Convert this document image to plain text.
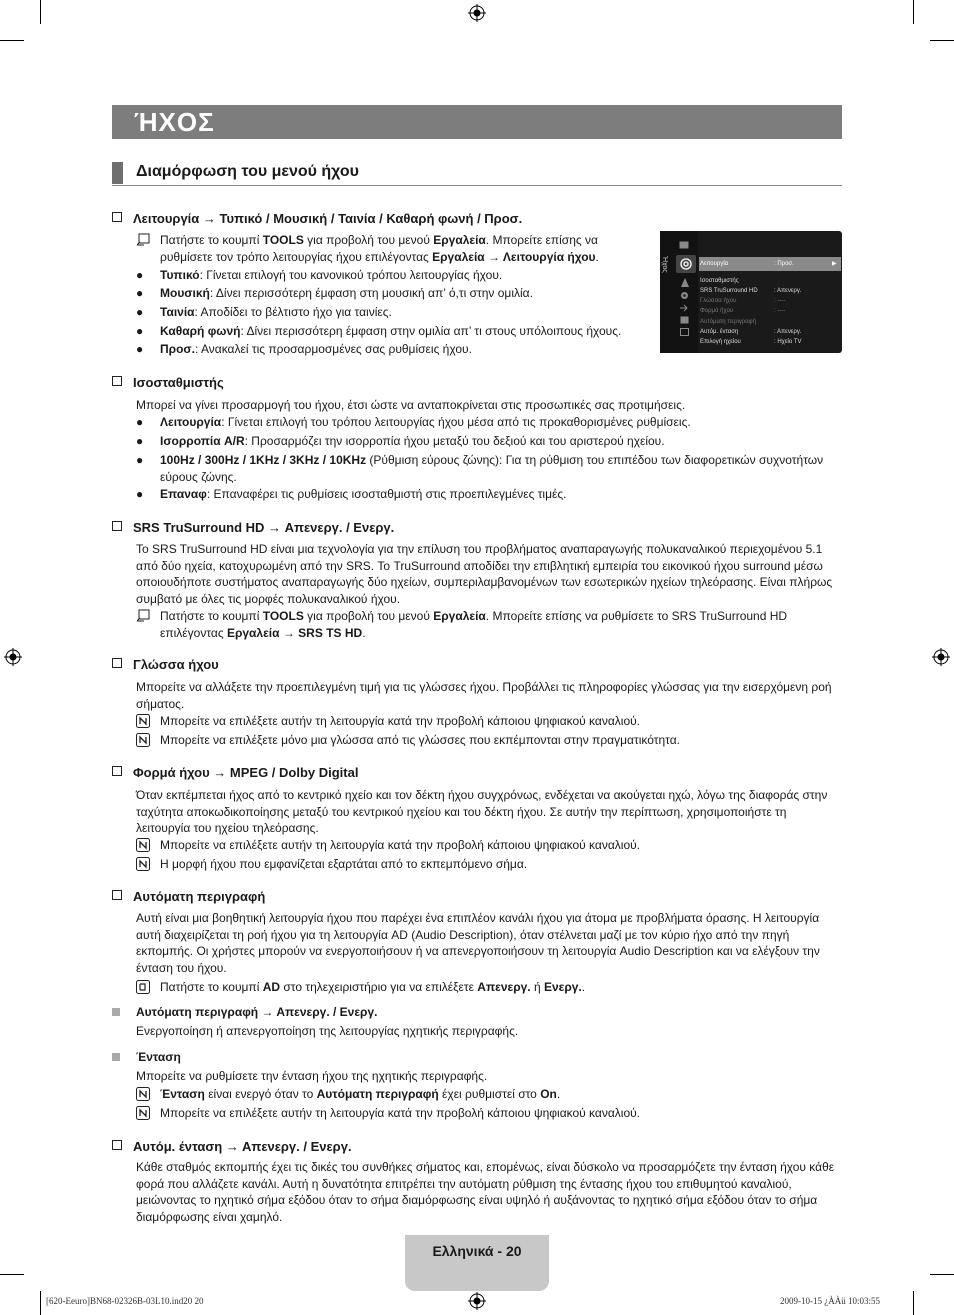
ΉΧΟΣ
Διαμόρφωση του μενού ήχου
Λειτουργία → Τυπικό / Μουσική / Ταινία / Καθαρή φωνή / Προσ.
Πατήστε το κουμπί TOOLS για προβολή του μενού Εργαλεία. Μπορείτε επίσης να ρυθμίσετε τον τρόπο λειτουργίας ήχου επιλέγοντας Εργαλεία → Λειτουργία ήχου.
● Τυπικό: Γίνεται επιλογή του κανονικού τρόπου λειτουργίας ήχου.
● Μουσική: Δίνει περισσότερη έμφαση στη μουσική απ’ ό,τι στην ομιλία.
● Ταινία: Αποδίδει το βέλτιστο ήχο για ταινίες.
● Καθαρή φωνή: Δίνει περισσότερη έμφαση στην ομιλία απ’ τι στους υπόλοιπους ήχους.
● Προσ.: Ανακαλεί τις προσαρμοσμένες σας ρυθμίσεις ήχου.
Ήχος	Λειτουργία	: Προσ.	▶
Ισοσταθμιστής
SRS TruSurround HD	: Απενεργ.
Γλώσσα ήχου	: ----
Φορμά ήχου	: ----
Αυτόματη περιγραφή
Αυτόμ. ένταση	: Απενεργ.
Επιλογή ηχείου	: Ηχείο TV
Ισοσταθμιστής
Μπορεί να γίνει προσαρμογή του ήχου, έτσι ώστε να ανταποκρίνεται στις προσωπικές σας προτιμήσεις.
● Λειτουργία: Γίνεται επιλογή του τρόπου λειτουργίας ήχου μέσα από τις προκαθορισμένες ρυθμίσεις.
● Ισορροπία A/R: Προσαρμόζει την ισορροπία ήχου μεταξύ του δεξιού και του αριστερού ηχείου.
● 100Hz / 300Hz / 1KHz / 3KHz / 10KHz (Ρύθμιση εύρους ζώνης): Για τη ρύθμιση του επιπέδου των διαφορετικών συχνοτήτων εύρους ζώνης.
● Επαναφ: Επαναφέρει τις ρυθμίσεις ισοσταθμιστή στις προεπιλεγμένες τιμές.
SRS TruSurround HD → Απενεργ. / Ενεργ.
Το SRS TruSurround HD είναι μια τεχνολογία για την επίλυση του προβλήματος αναπαραγωγής πολυκαναλικού περιεχομένου 5.1 από δύο ηχεία, κατοχυρωμένη από την SRS. Το TruSurround αποδίδει την επιβλητική εμπειρία του εικονικού ήχου surround μέσω οποιουδήποτε συστήματος αναπαραγωγής δύο ηχείων, συμπεριλαμβανομένων των εσωτερικών ηχείων τηλεόρασης. Είναι πλήρως συμβατό με όλες τις μορφές πολυκαναλικού ήχου.
Πατήστε το κουμπί TOOLS για προβολή του μενού Εργαλεία. Μπορείτε επίσης να ρυθμίσετε το SRS TruSurround HD επιλέγοντας Εργαλεία → SRS TS HD.
Γλώσσα ήχου
Μπορείτε να αλλάξετε την προεπιλεγμένη τιμή για τις γλώσσες ήχου. Προβάλλει τις πληροφορίες γλώσσας για την εισερχόμενη ροή σήματος.
Μπορείτε να επιλέξετε αυτήν τη λειτουργία κατά την προβολή κάποιου ψηφιακού καναλιού.
Μπορείτε να επιλέξετε μόνο μια γλώσσα από τις γλώσσες που εκπέμπονται στην πραγματικότητα.
Φορμά ήχου → MPEG / Dolby Digital
Όταν εκπέμπεται ήχος από το κεντρικό ηχείο και τον δέκτη ήχου συγχρόνως, ενδέχεται να ακούγεται ηχώ, λόγω της διαφοράς στην ταχύτητα αποκωδικοποίησης μεταξύ του κεντρικού ηχείου και του δέκτη ήχου. Σε αυτήν την περίπτωση, χρησιμοποιήστε τη λειτουργία του ηχείου τηλεόρασης.
Μπορείτε να επιλέξετε αυτήν τη λειτουργία κατά την προβολή κάποιου ψηφιακού καναλιού.
Η μορφή ήχου που εμφανίζεται εξαρτάται από το εκπεμπόμενο σήμα.
Αυτόματη περιγραφή
Αυτή είναι μια βοηθητική λειτουργία ήχου που παρέχει ένα επιπλέον κανάλι ήχου για άτομα με προβλήματα όρασης. Η λειτουργία αυτή διαχειρίζεται τη ροή ήχου για τη λειτουργία AD (Audio Description), όταν στέλνεται μαζί με τον κύριο ήχο από την πηγή εκπομπής. Οι χρήστες μπορούν να ενεργοποιήσουν ή να απενεργοποιήσουν τη λειτουργία Audio Description και να ελέγξουν την ένταση του ήχου.
Πατήστε το κουμπί AD στο τηλεχειριστήριο για να επιλέξετε Απενεργ. ή Ενεργ..
Αυτόματη περιγραφή → Απενεργ. / Ενεργ.
Ενεργοποίηση ή απενεργοποίηση της λειτουργίας ηχητικής περιγραφής.
Ένταση
Μπορείτε να ρυθμίσετε την ένταση ήχου της ηχητικής περιγραφής.
Ένταση είναι ενεργό όταν το Αυτόματη περιγραφή έχει ρυθμιστεί στο On.
Μπορείτε να επιλέξετε αυτήν τη λειτουργία κατά την προβολή κάποιου ψηφιακού καναλιού.
Αυτόμ. ένταση → Απενεργ. / Ενεργ.
Κάθε σταθμός εκπομπής έχει τις δικές του συνθήκες σήματος και, επομένως, είναι δύσκολο να προσαρμόζετε την ένταση ήχου κάθε φορά που αλλάζετε κανάλι. Αυτή η δυνατότητα επιτρέπει την αυτόματη ρύθμιση της έντασης ήχου του επιθυμητού καναλιού, μειώνοντας το ηχητικό σήμα εξόδου όταν το σήμα διαμόρφωσης είναι υψηλό ή αυξάνοντας το ηχητικό σήμα εξόδου όταν το σήμα διαμόρφωσης είναι χαμηλό.
Ελληνικά - 20
[620-Eeuro]BN68-02326B-03L10.ind20 20	2009-10-15 ¿ÀÀü 10:03:55
